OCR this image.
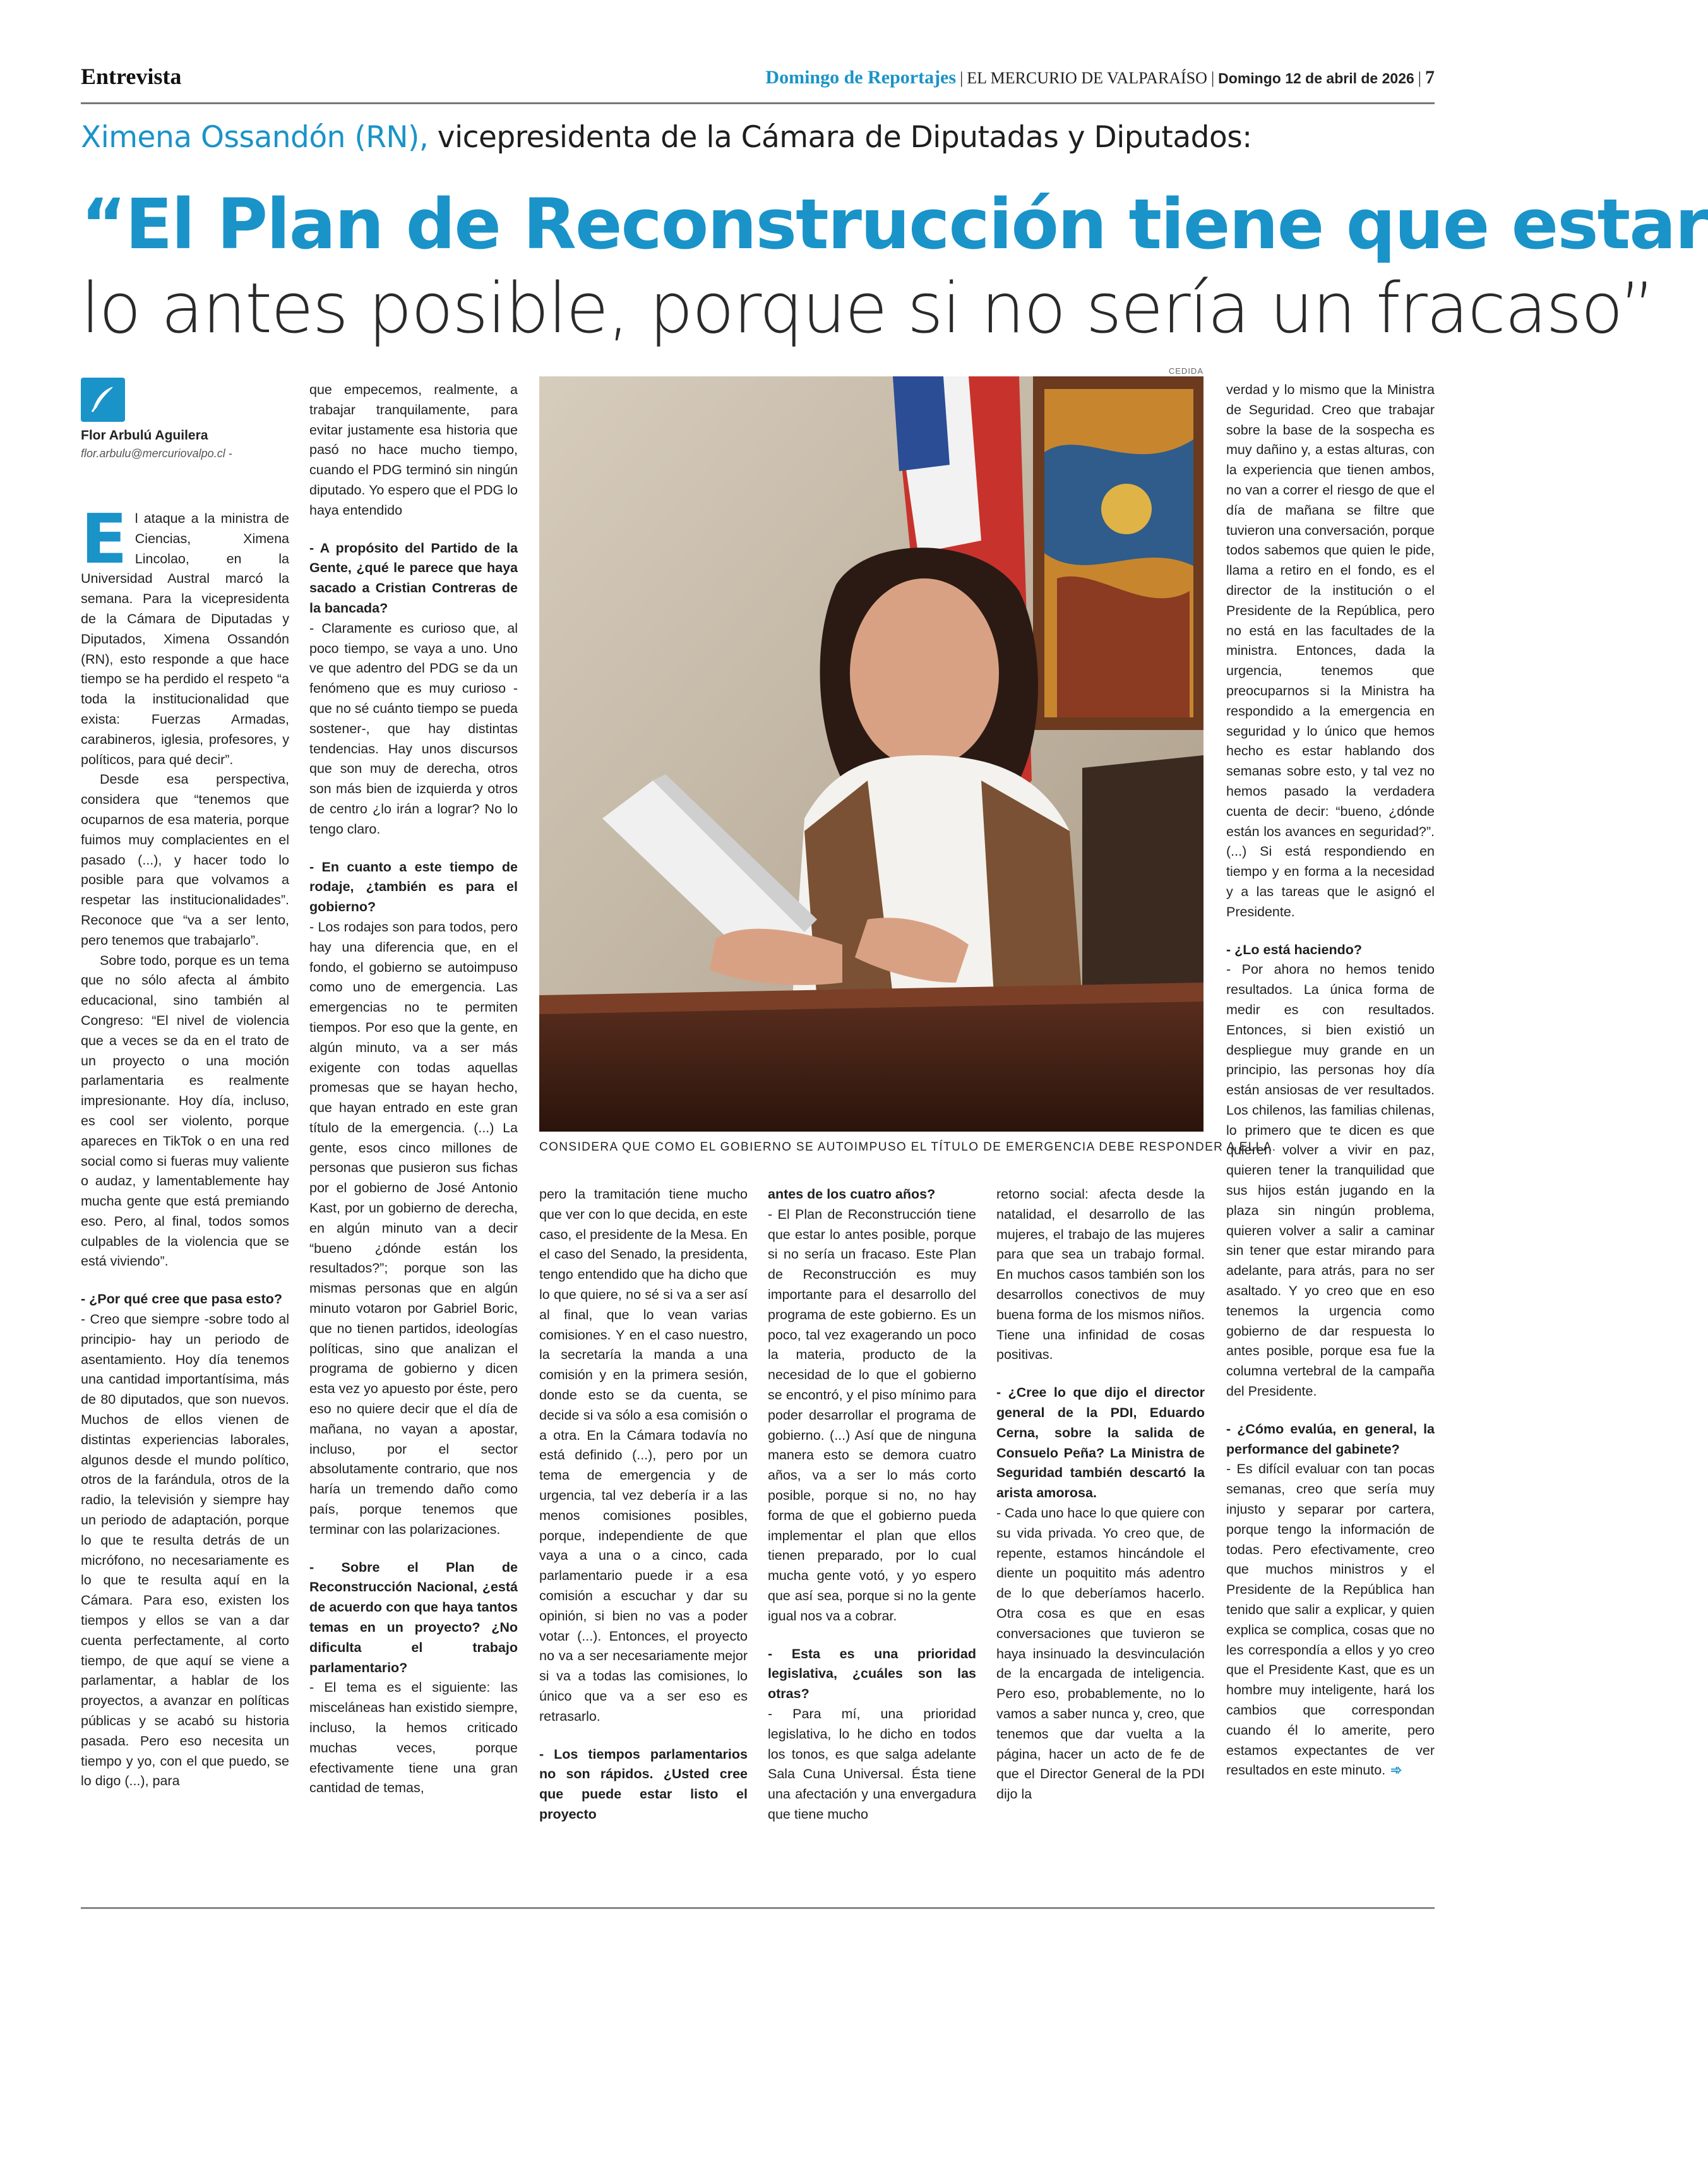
Entrevista	Domingo de Reportajes | EL MERCURIO DE VALPARAÍSO | Domingo 12 de abril de 2026 | 7
Ximena Ossandón (RN), vicepresidenta de la Cámara de Diputadas y Diputados:
“El Plan de Reconstrucción tiene que estar
lo antes posible, porque si no sería un fracaso”
Flor Arbulú Aguilera
flor.arbulu@mercuriovalpo.cl -

El ataque a la ministra de Ciencias, Ximena Lincolao, en la Universidad Austral marcó la semana. Para la vicepresidenta de la Cámara de Diputadas y Diputados, Ximena Ossandón (RN), esto responde a que hace tiempo se ha perdido el respeto “a toda la institucionalidad que exista: Fuerzas Armadas, carabineros, iglesia, profesores, y políticos, para qué decir”.

Desde esa perspectiva, considera que “tenemos que ocuparnos de esa materia, porque fuimos muy complacientes en el pasado (...), y hacer todo lo posible para que volvamos a respetar las institucionalidades”. Reconoce que “va a ser lento, pero tenemos que trabajarlo”.

Sobre todo, porque es un tema que no sólo afecta al ámbito educacional, sino también al Congreso: “El nivel de violencia que a veces se da en el trato de un proyecto o una moción parlamentaria es realmente impresionante. Hoy día, incluso, es cool ser violento, porque apareces en TikTok o en una red social como si fueras muy valiente o audaz, y lamentablemente hay mucha gente que está premiando eso. Pero, al final, todos somos culpables de la violencia que se está viviendo”.

- ¿Por qué cree que pasa esto?

- Creo que siempre -sobre todo al principio- hay un periodo de asentamiento. Hoy día tenemos una cantidad importantísima, más de 80 diputados, que son nuevos. Muchos de ellos vienen de distintas experiencias laborales, algunos desde el mundo político, otros de la farándula, otros de la radio, la televisión y siempre hay un periodo de adaptación, porque lo que te resulta detrás de un micrófono, no necesariamente es lo que te resulta aquí en la Cámara. Para eso, existen los tiempos y ellos se van a dar cuenta perfectamente, al corto tiempo, de que aquí se viene a parlamentar, a hablar de los proyectos, a avanzar en políticas públicas y se acabó su historia pasada. Pero eso necesita un tiempo y yo, con el que puedo, se lo digo (...), para

que empecemos, realmente, a trabajar tranquilamente, para evitar justamente esa historia que pasó no hace mucho tiempo, cuando el PDG terminó sin ningún diputado. Yo espero que el PDG lo haya entendido

- A propósito del Partido de la Gente, ¿qué le parece que haya sacado a Cristian Contreras de la bancada?

- Claramente es curioso que, al poco tiempo, se vaya a uno. Uno ve que adentro del PDG se da un fenómeno que es muy curioso - que no sé cuánto tiempo se pueda sostener-, que hay distintas tendencias. Hay unos discursos que son muy de derecha, otros son más bien de izquierda y otros de centro ¿lo irán a lograr? No lo tengo claro.

- En cuanto a este tiempo de rodaje, ¿también es para el gobierno?

- Los rodajes son para todos, pero hay una diferencia que, en el fondo, el gobierno se autoimpuso como uno de emergencia. Las emergencias no te permiten tiempos. Por eso que la gente, en algún minuto, va a ser más exigente con todas aquellas promesas que se hayan hecho, que hayan entrado en este gran título de la emergencia. (...) La gente, esos cinco millones de personas que pusieron sus fichas por el gobierno de José Antonio Kast, por un gobierno de derecha, en algún minuto van a decir “bueno ¿dónde están los resultados?”; porque son las mismas personas que en algún minuto votaron por Gabriel Boric, que no tienen partidos, ideologías políticas, sino que analizan el programa de gobierno y dicen esta vez yo apuesto por éste, pero eso no quiere decir que el día de mañana, no vayan a apostar, incluso, por el sector absolutamente contrario, que nos haría un tremendo daño como país, porque tenemos que terminar con las polarizaciones.

- Sobre el Plan de Reconstrucción Nacional, ¿está de acuerdo con que haya tantos temas en un proyecto? ¿No dificulta el trabajo parlamentario?

- El tema es el siguiente: las misceláneas han existido siempre, incluso, la hemos criticado muchas veces, porque efectivamente tiene una gran cantidad de temas,

CEDIDA
CONSIDERA QUE COMO EL GOBIERNO SE AUTOIMPUSO EL TÍTULO DE EMERGENCIA DEBE RESPONDER A ELLA.

pero la tramitación tiene mucho que ver con lo que decida, en este caso, el presidente de la Mesa. En el caso del Senado, la presidenta, tengo entendido que ha dicho que lo que quiere, no sé si va a ser así al final, que lo vean varias comisiones. Y en el caso nuestro, la secretaría la manda a una comisión y en la primera sesión, donde esto se da cuenta, se decide si va sólo a esa comisión o a otra. En la Cámara todavía no está definido (...), pero por un tema de emergencia y de urgencia, tal vez debería ir a las menos comisiones posibles, porque, independiente de que vaya a una o a cinco, cada parlamentario puede ir a esa comisión a escuchar y dar su opinión, si bien no vas a poder votar (...). Entonces, el proyecto no va a ser necesariamente mejor si va a todas las comisiones, lo único que va a ser eso es retrasarlo.

- Los tiempos parlamentarios no son rápidos. ¿Usted cree que puede estar listo el proyecto

antes de los cuatro años?

- El Plan de Reconstrucción tiene que estar lo antes posible, porque si no sería un fracaso. Este Plan de Reconstrucción es muy importante para el desarrollo del programa de este gobierno. Es un poco, tal vez exagerando un poco la materia, producto de la necesidad de lo que el gobierno se encontró, y el piso mínimo para poder desarrollar el programa de gobierno. (...) Así que de ninguna manera esto se demora cuatro años, va a ser lo más corto posible, porque si no, no hay forma de que el gobierno pueda implementar el plan que ellos tienen preparado, por lo cual mucha gente votó, y yo espero que así sea, porque si no la gente igual nos va a cobrar.

- Esta es una prioridad legislativa, ¿cuáles son las otras?

- Para mí, una prioridad legislativa, lo he dicho en todos los tonos, es que salga adelante Sala Cuna Universal. Ésta tiene una afectación y una envergadura que tiene mucho

retorno social: afecta desde la natalidad, el desarrollo de las mujeres, el trabajo de las mujeres para que sea un trabajo formal. En muchos casos también son los desarrollos conectivos de muy buena forma de los mismos niños. Tiene una infinidad de cosas positivas.

- ¿Cree lo que dijo el director general de la PDI, Eduardo Cerna, sobre la salida de Consuelo Peña? La Ministra de Seguridad también descartó la arista amorosa.

- Cada uno hace lo que quiere con su vida privada. Yo creo que, de repente, estamos hincándole el diente un poquitito más adentro de lo que deberíamos hacerlo. Otra cosa es que en esas conversaciones que tuvieron se haya insinuado la desvinculación de la encargada de inteligencia. Pero eso, probablemente, no lo vamos a saber nunca y, creo, que tenemos que dar vuelta a la página, hacer un acto de fe de que el Director General de la PDI dijo la

verdad y lo mismo que la Ministra de Seguridad. Creo que trabajar sobre la base de la sospecha es muy dañino y, a estas alturas, con la experiencia que tienen ambos, no van a correr el riesgo de que el día de mañana se filtre que tuvieron una conversación, porque todos sabemos que quien le pide, llama a retiro en el fondo, es el director de la institución o el Presidente de la República, pero no está en las facultades de la ministra. Entonces, dada la urgencia, tenemos que preocuparnos si la Ministra ha respondido a la emergencia en seguridad y lo único que hemos hecho es estar hablando dos semanas sobre esto, y tal vez no hemos pasado la verdadera cuenta de decir: “bueno, ¿dónde están los avances en seguridad?”. (...) Si está respondiendo en tiempo y en forma a la necesidad y a las tareas que le asignó el Presidente.

- ¿Lo está haciendo?

- Por ahora no hemos tenido resultados. La única forma de medir es con resultados. Entonces, si bien existió un despliegue muy grande en un principio, las personas hoy día están ansiosas de ver resultados. Los chilenos, las familias chilenas, lo primero que te dicen es que quieren volver a vivir en paz, quieren tener la tranquilidad que sus hijos están jugando en la plaza sin ningún problema, quieren volver a salir a caminar sin tener que estar mirando para adelante, para atrás, para no ser asaltado. Y yo creo que en eso tenemos la urgencia como gobierno de dar respuesta lo antes posible, porque esa fue la columna vertebral de la campaña del Presidente.

- ¿Cómo evalúa, en general, la performance del gabinete?

- Es difícil evaluar con tan pocas semanas, creo que sería muy injusto y separar por cartera, porque tengo la información de todas. Pero efectivamente, creo que muchos ministros y el Presidente de la República han tenido que salir a explicar, y quien explica se complica, cosas que no les correspondía a ellos y yo creo que el Presidente Kast, que es un hombre muy inteligente, hará los cambios que correspondan cuando él lo amerite, pero estamos expectantes de ver resultados en este minuto. ➾
